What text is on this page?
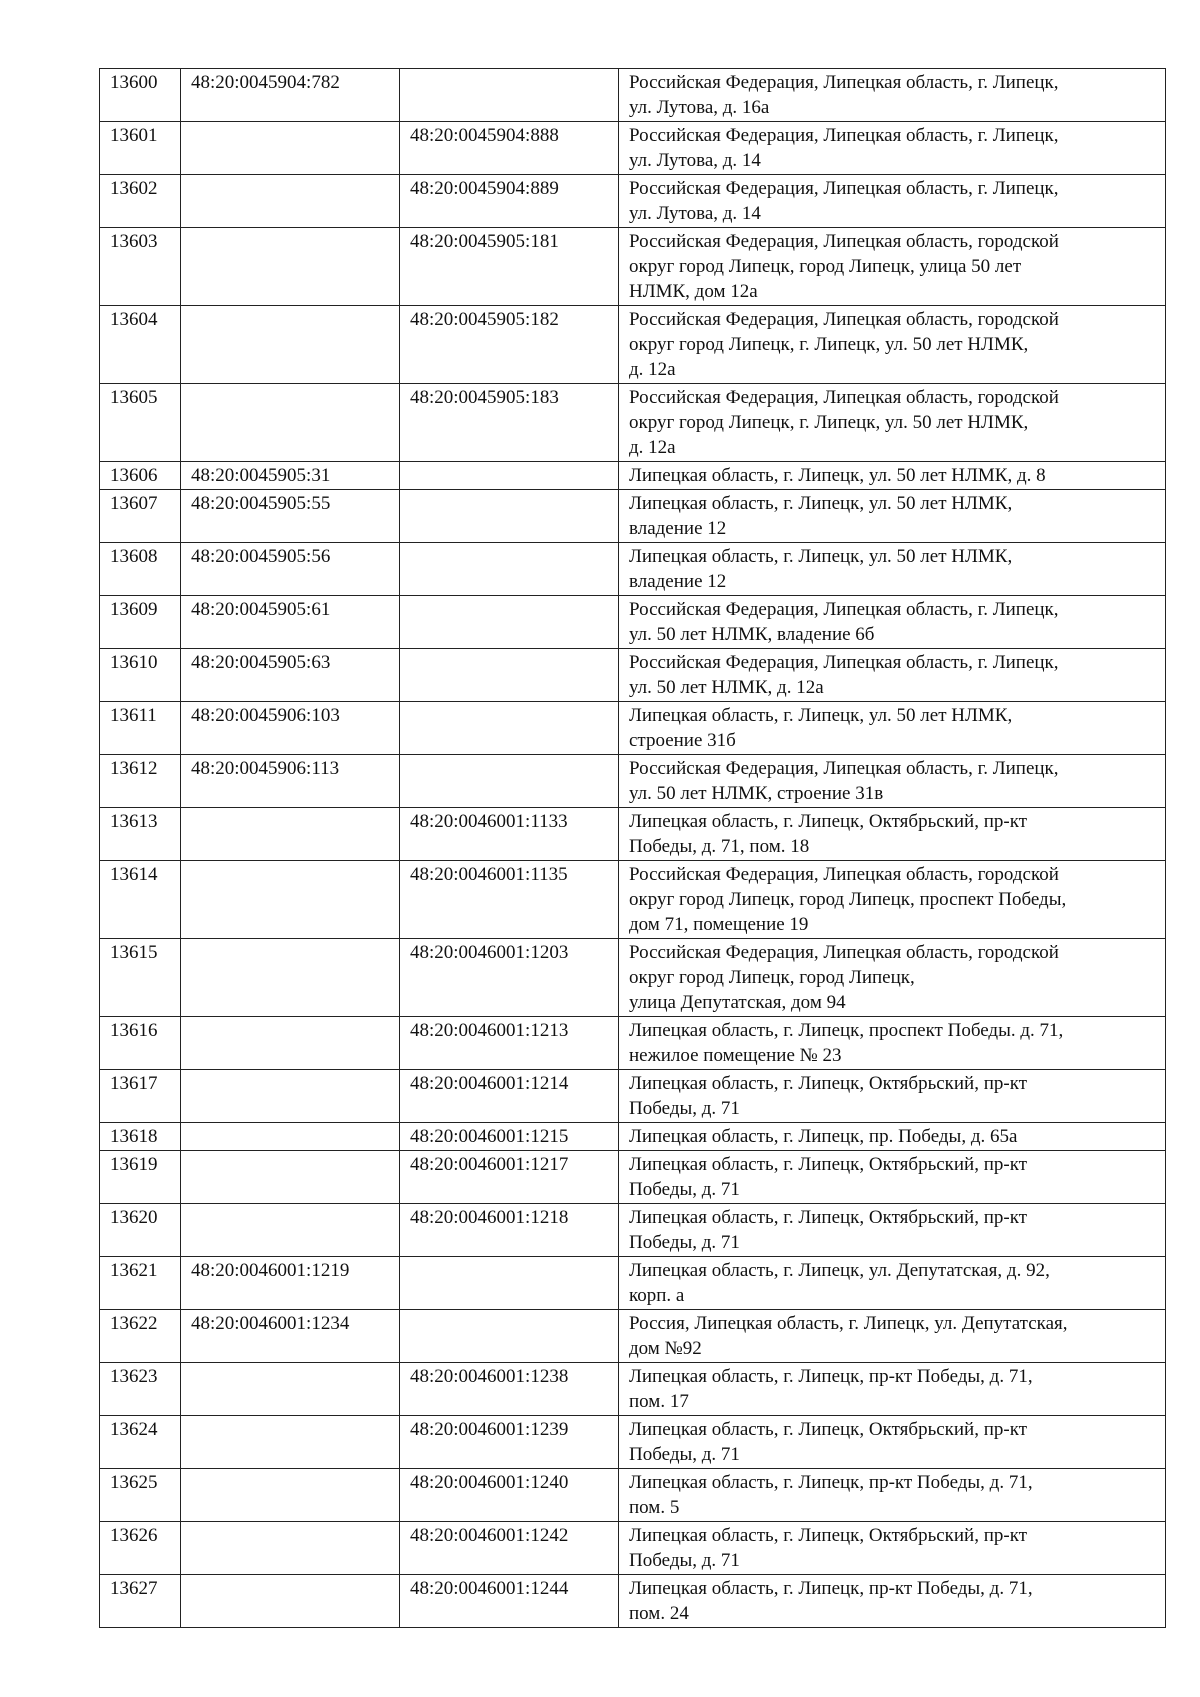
13600	48:20:0045904:782		Российская Федерация, Липецкая область, г. Липецк,
ул. Лутова, д. 16а
13601		48:20:0045904:888	Российская Федерация, Липецкая область, г. Липецк,
ул. Лутова, д. 14
13602		48:20:0045904:889	Российская Федерация, Липецкая область, г. Липецк,
ул. Лутова, д. 14
13603		48:20:0045905:181	Российская Федерация, Липецкая область, городской
округ город Липецк, город Липецк, улица 50 лет
НЛМК, дом 12а
13604		48:20:0045905:182	Российская Федерация, Липецкая область, городской
округ город Липецк, г. Липецк, ул. 50 лет НЛМК,
д. 12а
13605		48:20:0045905:183	Российская Федерация, Липецкая область, городской
округ город Липецк, г. Липецк, ул. 50 лет НЛМК,
д. 12а
13606	48:20:0045905:31		Липецкая область, г. Липецк, ул. 50 лет НЛМК, д. 8
13607	48:20:0045905:55		Липецкая область, г. Липецк, ул. 50 лет НЛМК,
владение 12
13608	48:20:0045905:56		Липецкая область, г. Липецк, ул. 50 лет НЛМК,
владение 12
13609	48:20:0045905:61		Российская Федерация, Липецкая область, г. Липецк,
ул. 50 лет НЛМК, владение 6б
13610	48:20:0045905:63		Российская Федерация, Липецкая область, г. Липецк,
ул. 50 лет НЛМК, д. 12а
13611	48:20:0045906:103		Липецкая область, г. Липецк, ул. 50 лет НЛМК,
строение 31б
13612	48:20:0045906:113		Российская Федерация, Липецкая область, г. Липецк,
ул. 50 лет НЛМК, строение 31в
13613		48:20:0046001:1133	Липецкая область, г. Липецк, Октябрьский, пр-кт
Победы, д. 71, пом. 18
13614		48:20:0046001:1135	Российская Федерация, Липецкая область, городской
округ город Липецк, город Липецк, проспект Победы,
дом 71, помещение 19
13615		48:20:0046001:1203	Российская Федерация, Липецкая область, городской
округ город Липецк, город Липецк,
улица Депутатская, дом 94
13616		48:20:0046001:1213	Липецкая область, г. Липецк, проспект Победы. д. 71,
нежилое помещение № 23
13617		48:20:0046001:1214	Липецкая область, г. Липецк, Октябрьский, пр-кт
Победы, д. 71
13618		48:20:0046001:1215	Липецкая область, г. Липецк, пр. Победы, д. 65а
13619		48:20:0046001:1217	Липецкая область, г. Липецк, Октябрьский, пр-кт
Победы, д. 71
13620		48:20:0046001:1218	Липецкая область, г. Липецк, Октябрьский, пр-кт
Победы, д. 71
13621	48:20:0046001:1219		Липецкая область, г. Липецк, ул. Депутатская, д. 92,
корп. а
13622	48:20:0046001:1234		Россия, Липецкая область, г. Липецк, ул. Депутатская,
дом №92
13623		48:20:0046001:1238	Липецкая область, г. Липецк, пр-кт Победы, д. 71,
пом. 17
13624		48:20:0046001:1239	Липецкая область, г. Липецк, Октябрьский, пр-кт
Победы, д. 71
13625		48:20:0046001:1240	Липецкая область, г. Липецк, пр-кт Победы, д. 71,
пом. 5
13626		48:20:0046001:1242	Липецкая область, г. Липецк, Октябрьский, пр-кт
Победы, д. 71
13627		48:20:0046001:1244	Липецкая область, г. Липецк, пр-кт Победы, д. 71,
пом. 24
